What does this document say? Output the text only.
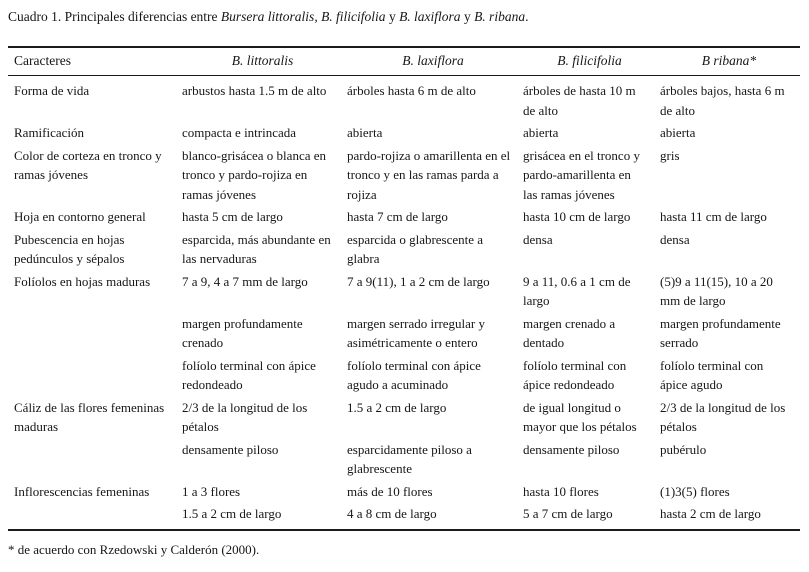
Cuadro 1. Principales diferencias entre Bursera littoralis, B. filicifolia y B. laxiflora y B. ribana.

Caracteres	B. littoralis	B. laxiflora	B. filicifolia	B ribana*
Forma de vida	arbustos hasta 1.5 m de alto	árboles hasta 6 m de alto	árboles de hasta 10 m de alto	árboles bajos, hasta 6 m de alto
Ramificación	compacta e intrincada	abierta	abierta	abierta
Color de corteza en tronco y ramas jóvenes	blanco-grisácea o blanca en tronco y pardo-rojiza en ramas jóvenes	pardo-rojiza o amarillenta en el tronco y en las ramas parda a rojiza	grisácea en el tronco y pardo-amarillenta en las ramas jóvenes	gris
Hoja en contorno general	hasta 5 cm de largo	hasta 7 cm de largo	hasta 10 cm de largo	hasta 11 cm de largo
Pubescencia en hojas pedúnculos y sépalos	esparcida, más abundante en las nervaduras	esparcida o glabrescente a glabra	densa	densa
Folíolos en hojas maduras	7 a 9, 4 a 7 mm de largo	7 a 9(11), 1 a 2 cm de largo	9 a 11, 0.6 a 1 cm de largo	(5)9 a 11(15), 10 a 20 mm de largo
	margen profundamente crenado	margen serrado irregular y asimétricamente o entero	margen crenado a dentado	margen profundamente serrado
	folíolo terminal con ápice redondeado	folíolo terminal con ápice agudo a acuminado	folíolo terminal con ápice redondeado	folíolo terminal con ápice agudo
Cáliz de las flores femeninas maduras	2/3 de la longitud de los pétalos	1.5 a 2 cm de largo	de igual longitud o mayor que los pétalos	2/3 de la longitud de los pétalos
	densamente piloso	esparcidamente piloso a glabrescente	densamente piloso	pubérulo
Inflorescencias femeninas	1 a 3 flores	más de 10 flores	hasta 10 flores	(1)3(5) flores
	1.5 a 2 cm de largo	4 a 8 cm de largo	5 a 7 cm de largo	hasta 2 cm de largo

* de acuerdo con Rzedowski y Calderón (2000).
